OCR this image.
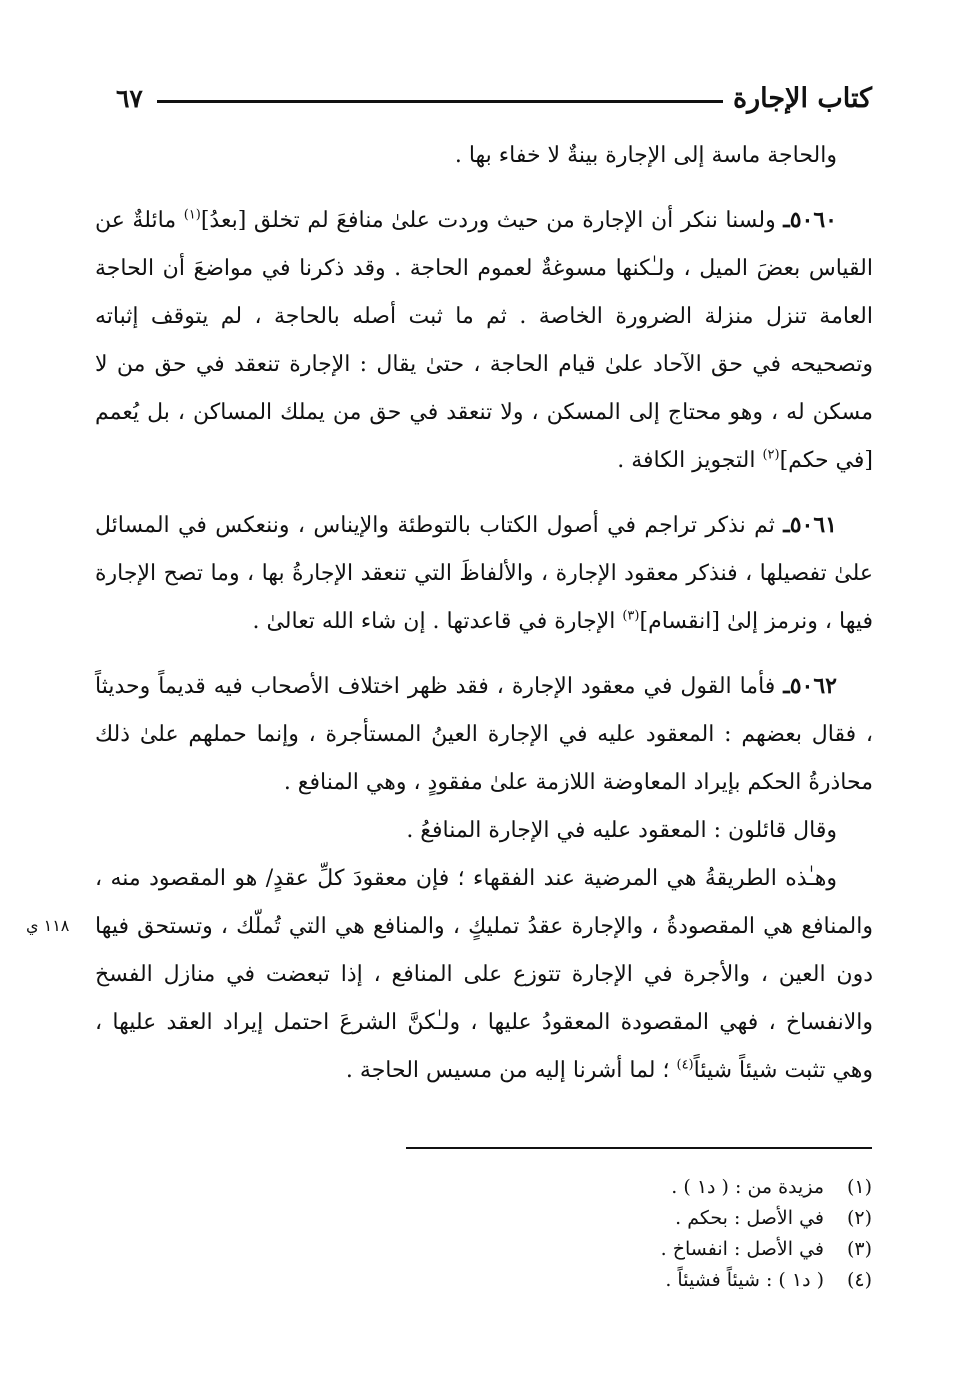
كتاب الإجارة
٦٧

والحاجة ماسة إلى الإجارة بينةٌ لا خفاء بها .

٥٠٦٠ـ ولسنا ننكر أن الإجارة من حيث وردت علىٰ منافعَ لم تخلق [بعدُ]$^{(١)}$ مائلةٌ عن القياس بعضَ الميل ، ولـٰكنها مسوغةٌ لعموم الحاجة . وقد ذكرنا في مواضعَ أن الحاجة العامة تنزل منزلة الضرورة الخاصة . ثم ما ثبت أصله بالحاجة ، لم يتوقف إثباته وتصحيحه في حق الآحاد علىٰ قيام الحاجة ، حتىٰ يقال : الإجارة تنعقد في حق من لا مسكن له ، وهو محتاج إلى المسكن ، ولا تنعقد في حق من يملك المساكن ، بل يُعمم [في حكم]$^{(٢)}$ التجويز الكافة .

٥٠٦١ـ ثم نذكر تراجم في أصول الكتاب بالتوطئة والإيناس ، وننعكس في المسائل علىٰ تفصيلها ، فنذكر معقود الإجارة ، والألفاظَ التي تنعقد الإجارةُ بها ، وما تصح الإجارة فيها ، ونرمز إلىٰ [انقسام]$^{(٣)}$ الإجارة في قاعدتها . إن شاء الله تعالىٰ .

٥٠٦٢ـ فأما القول في معقود الإجارة ، فقد ظهر اختلاف الأصحاب فيه قديماً وحديثاً ، فقال بعضهم : المعقود عليه في الإجارة العينُ المستأجرة ، وإنما حملهم علىٰ ذلك محاذرةُ الحكم بإيراد المعاوضة اللازمة علىٰ مفقودٍ ، وهي المنافع .

وقال قائلون : المعقود عليه في الإجارة المنافعُ .

وهـٰذه الطريقةُ هي المرضية عند الفقهاء ؛ فإن معقودَ كلِّ عقدٍ/ هو المقصود منه ، والمنافع هي المقصودةُ ، والإجارة عقدُ تمليكٍ ، والمنافع هي التي تُملّك ، وتستحق فيها دون العين ، والأجرة في الإجارة تتوزع على المنافع ، إذا تبعضت في منازل الفسخ والانفساخ ، فهي المقصودة المعقودُ عليها ، ولـٰكنَّ الشرعَ احتمل إيراد العقد عليها ، وهي تثبت شيئاً شيئاً$^{(٤)}$ ؛ لما أشرنا إليه من مسيس الحاجة .

١١٨ ي
(١)
مزيدة من : ( د١ ) .
(٢)
في الأصل : بحكم .
(٣)
في الأصل : انفساخ .
(٤)
( د١ ) : شيئاً فشيئاً .
